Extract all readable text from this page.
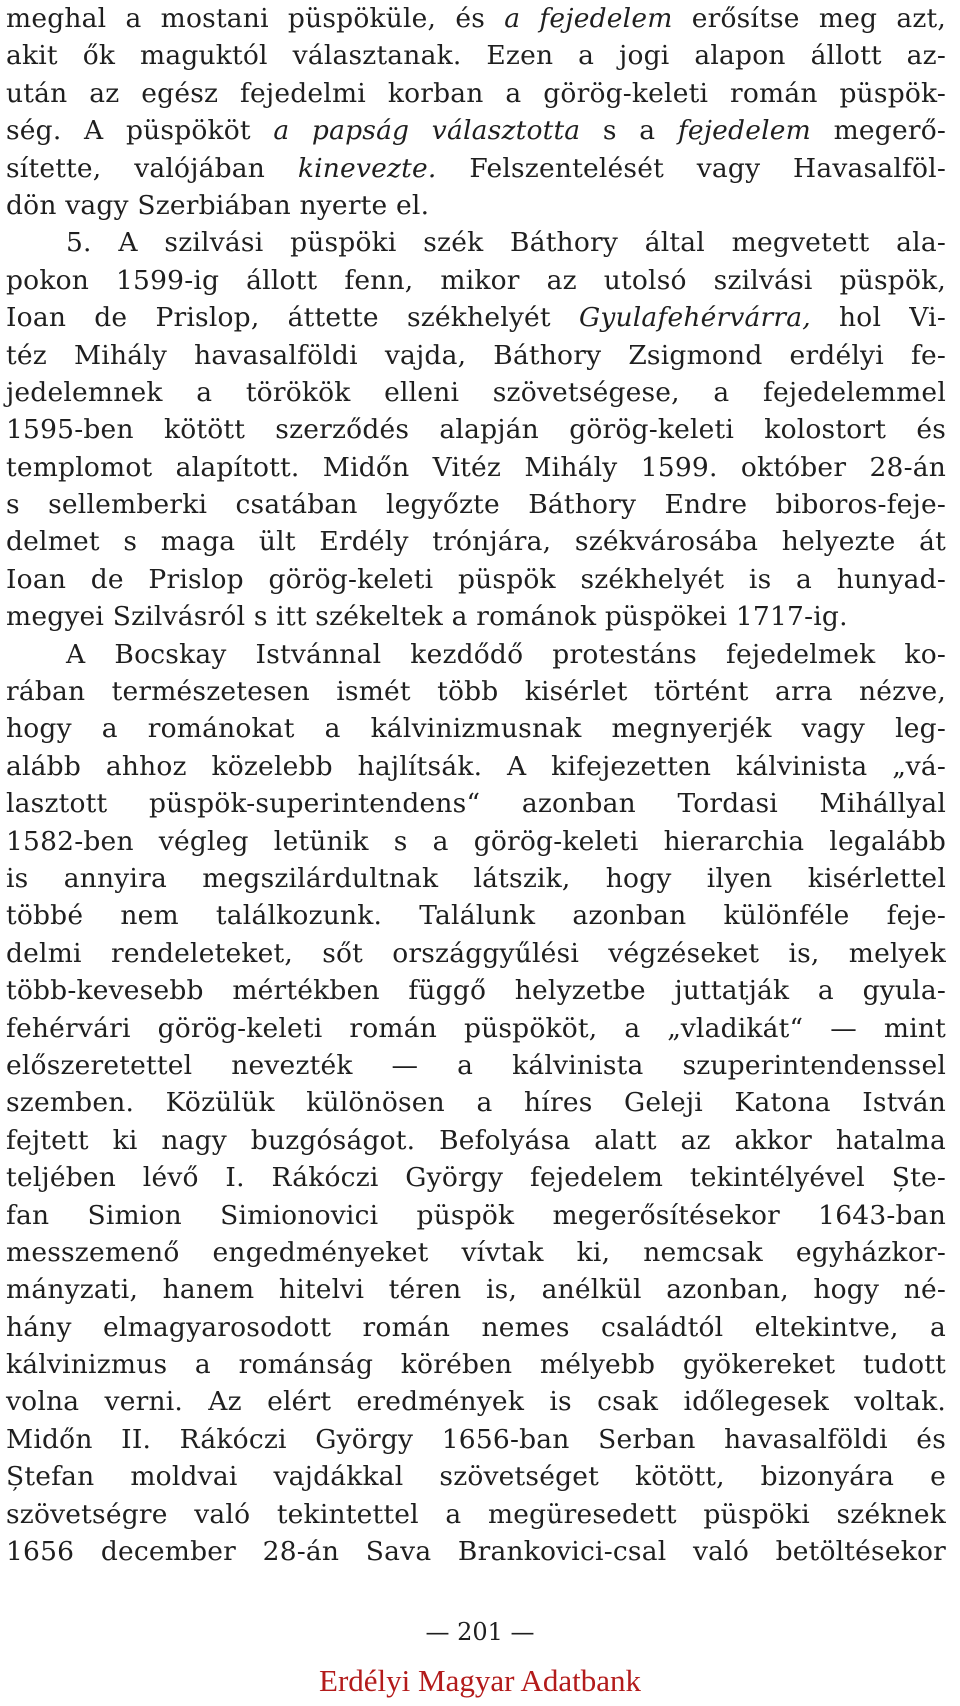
meghal a mostani püspöküle, és a fejedelem erősítse meg azt,
akit ők maguktól választanak. Ezen a jogi alapon állott az-
után az egész fejedelmi korban a görög-keleti román püspök-
ség. A püspököt a papság választotta s a fejedelem megerő-
sítette, valójában kinevezte. Felszentelését vagy Havasalföl-
dön vagy Szerbiában nyerte el.
5. A szilvási püspöki szék Báthory által megvetett ala-
pokon 1599-ig állott fenn, mikor az utolsó szilvási püspök,
Ioan de Prislop, áttette székhelyét Gyulafehérvárra, hol Vi-
téz Mihály havasalföldi vajda, Báthory Zsigmond erdélyi fe-
jedelemnek a törökök elleni szövetségese, a fejedelemmel
1595-ben kötött szerződés alapján görög-keleti kolostort és
templomot alapított. Midőn Vitéz Mihály 1599. október 28-án
s sellemberki csatában legyőzte Báthory Endre biboros-feje-
delmet s maga ült Erdély trónjára, székvárosába helyezte át
Ioan de Prislop görög-keleti püspök székhelyét is a hunyad-
megyei Szilvásról s itt székeltek a románok püspökei 1717-ig.
A Bocskay Istvánnal kezdődő protestáns fejedelmek ko-
rában természetesen ismét több kisérlet történt arra nézve,
hogy a románokat a kálvinizmusnak megnyerjék vagy leg-
alább ahhoz közelebb hajlítsák. A kifejezetten kálvinista „vá-
lasztott püspök-superintendens“ azonban Tordasi Mihállyal
1582-ben végleg letünik s a görög-keleti hierarchia legalább
is annyira megszilárdultnak látszik, hogy ilyen kisérlettel
többé nem találkozunk. Találunk azonban különféle feje-
delmi rendeleteket, sőt országgyűlési végzéseket is, melyek
több-kevesebb mértékben függő helyzetbe juttatják a gyula-
fehérvári görög-keleti román püspököt, a „vladikát“ — mint
előszeretettel nevezték — a kálvinista szuperintendenssel
szemben. Közülük különösen a híres Geleji Katona István
fejtett ki nagy buzgóságot. Befolyása alatt az akkor hatalma
teljében lévő I. Rákóczi György fejedelem tekintélyével Ște-
fan Simion Simionovici püspök megerősítésekor 1643-ban
messzemenő engedményeket vívtak ki, nemcsak egyházkor-
mányzati, hanem hitelvi téren is, anélkül azonban, hogy né-
hány elmagyarosodott román nemes családtól eltekintve, a
kálvinizmus a románság körében mélyebb gyökereket tudott
volna verni. Az elért eredmények is csak időlegesek voltak.
Midőn II. Rákóczi György 1656-ban Serban havasalföldi és
Ștefan moldvai vajdákkal szövetséget kötött, bizonyára e
szövetségre való tekintettel a megüresedett püspöki széknek
1656 december 28-án Sava Brankovici-csal való betöltésekor
— 201 —
Erdélyi Magyar Adatbank
